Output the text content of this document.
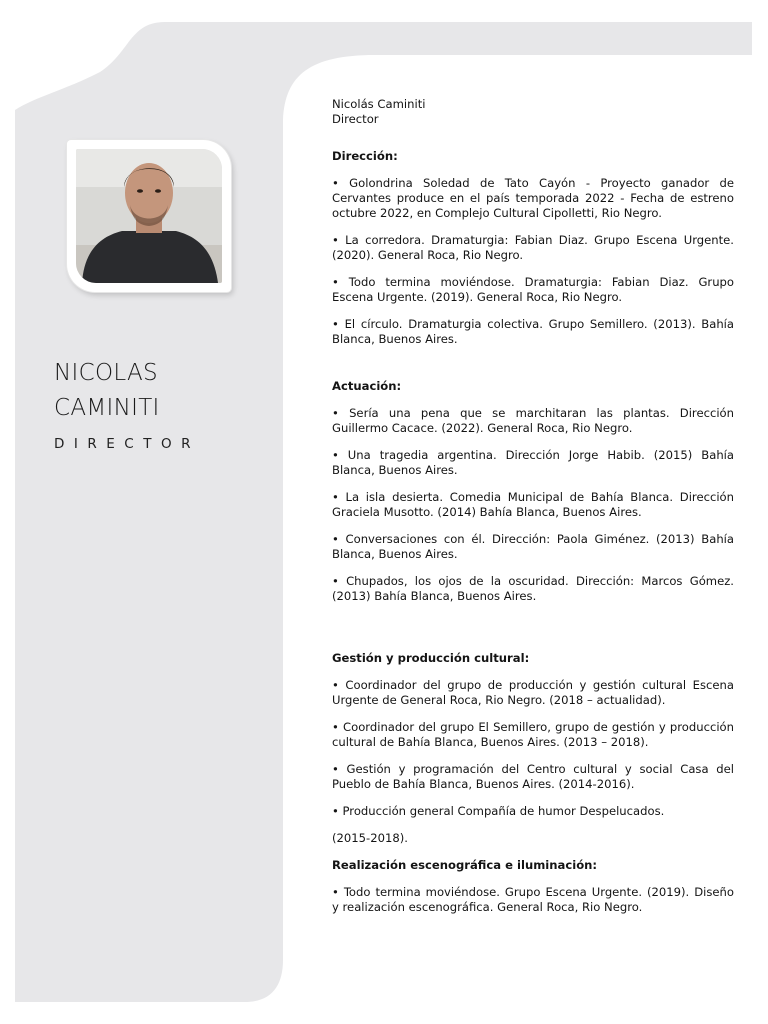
NICOLAS
CAMINITI
DIRECTOR

Nicolás Caminiti

Director

Dirección:

• Golondrina Soledad de Tato Cayón - Proyecto ganador de Cervantes produce en el país temporada 2022 - Fecha de estreno octubre 2022, en Complejo Cultural Cipolletti, Rio Negro.

• La corredora. Dramaturgia: Fabian Diaz. Grupo Escena Urgente. (2020). General Roca, Rio Negro.

• Todo termina moviéndose. Dramaturgia: Fabian Diaz. Grupo Escena Urgente. (2019). General Roca, Rio Negro.

• El círculo. Dramaturgia colectiva. Grupo Semillero. (2013). Bahía Blanca, Buenos Aires.

Actuación:

• Sería una pena que se marchitaran las plantas. Dirección Guillermo Cacace. (2022). General Roca, Rio Negro.

• Una tragedia argentina. Dirección Jorge Habib. (2015) Bahía Blanca, Buenos Aires.

• La isla desierta. Comedia Municipal de Bahía Blanca. Dirección Graciela Musotto. (2014) Bahía Blanca, Buenos Aires.

• Conversaciones con él. Dirección: Paola Giménez. (2013) Bahía Blanca, Buenos Aires.

• Chupados, los ojos de la oscuridad. Dirección: Marcos Gómez. (2013) Bahía Blanca, Buenos Aires.

Gestión y producción cultural:

• Coordinador del grupo de producción y gestión cultural Escena Urgente de General Roca, Rio Negro. (2018 – actualidad).

• Coordinador del grupo El Semillero, grupo de gestión y producción cultural de Bahía Blanca, Buenos Aires. (2013 – 2018).

• Gestión y programación del Centro cultural y social Casa del Pueblo de Bahía Blanca, Buenos Aires. (2014-2016).

• Producción general Compañía de humor Despelucados.

(2015-2018).

Realización escenográfica e iluminación:

• Todo termina moviéndose. Grupo Escena Urgente. (2019). Diseño y realización escenográfica. General Roca, Rio Negro.
